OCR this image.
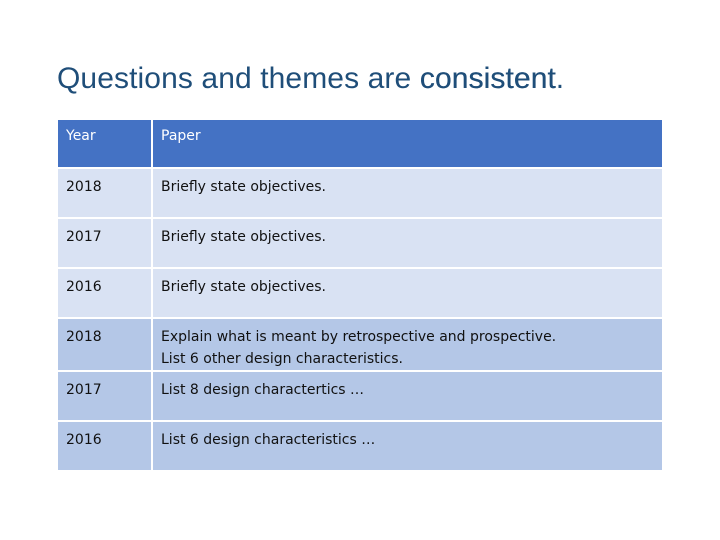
Questions and themes are consistent.
Year	Paper
2018	Briefly state objectives.

2017	Briefly state objectives.

2016	Briefly state objectives.

2018	Explain what is meant by retrospective and prospective.
List 6 other design characteristics.

2017	List 8 design charactertics …

2016	List 6 design characteristics …
